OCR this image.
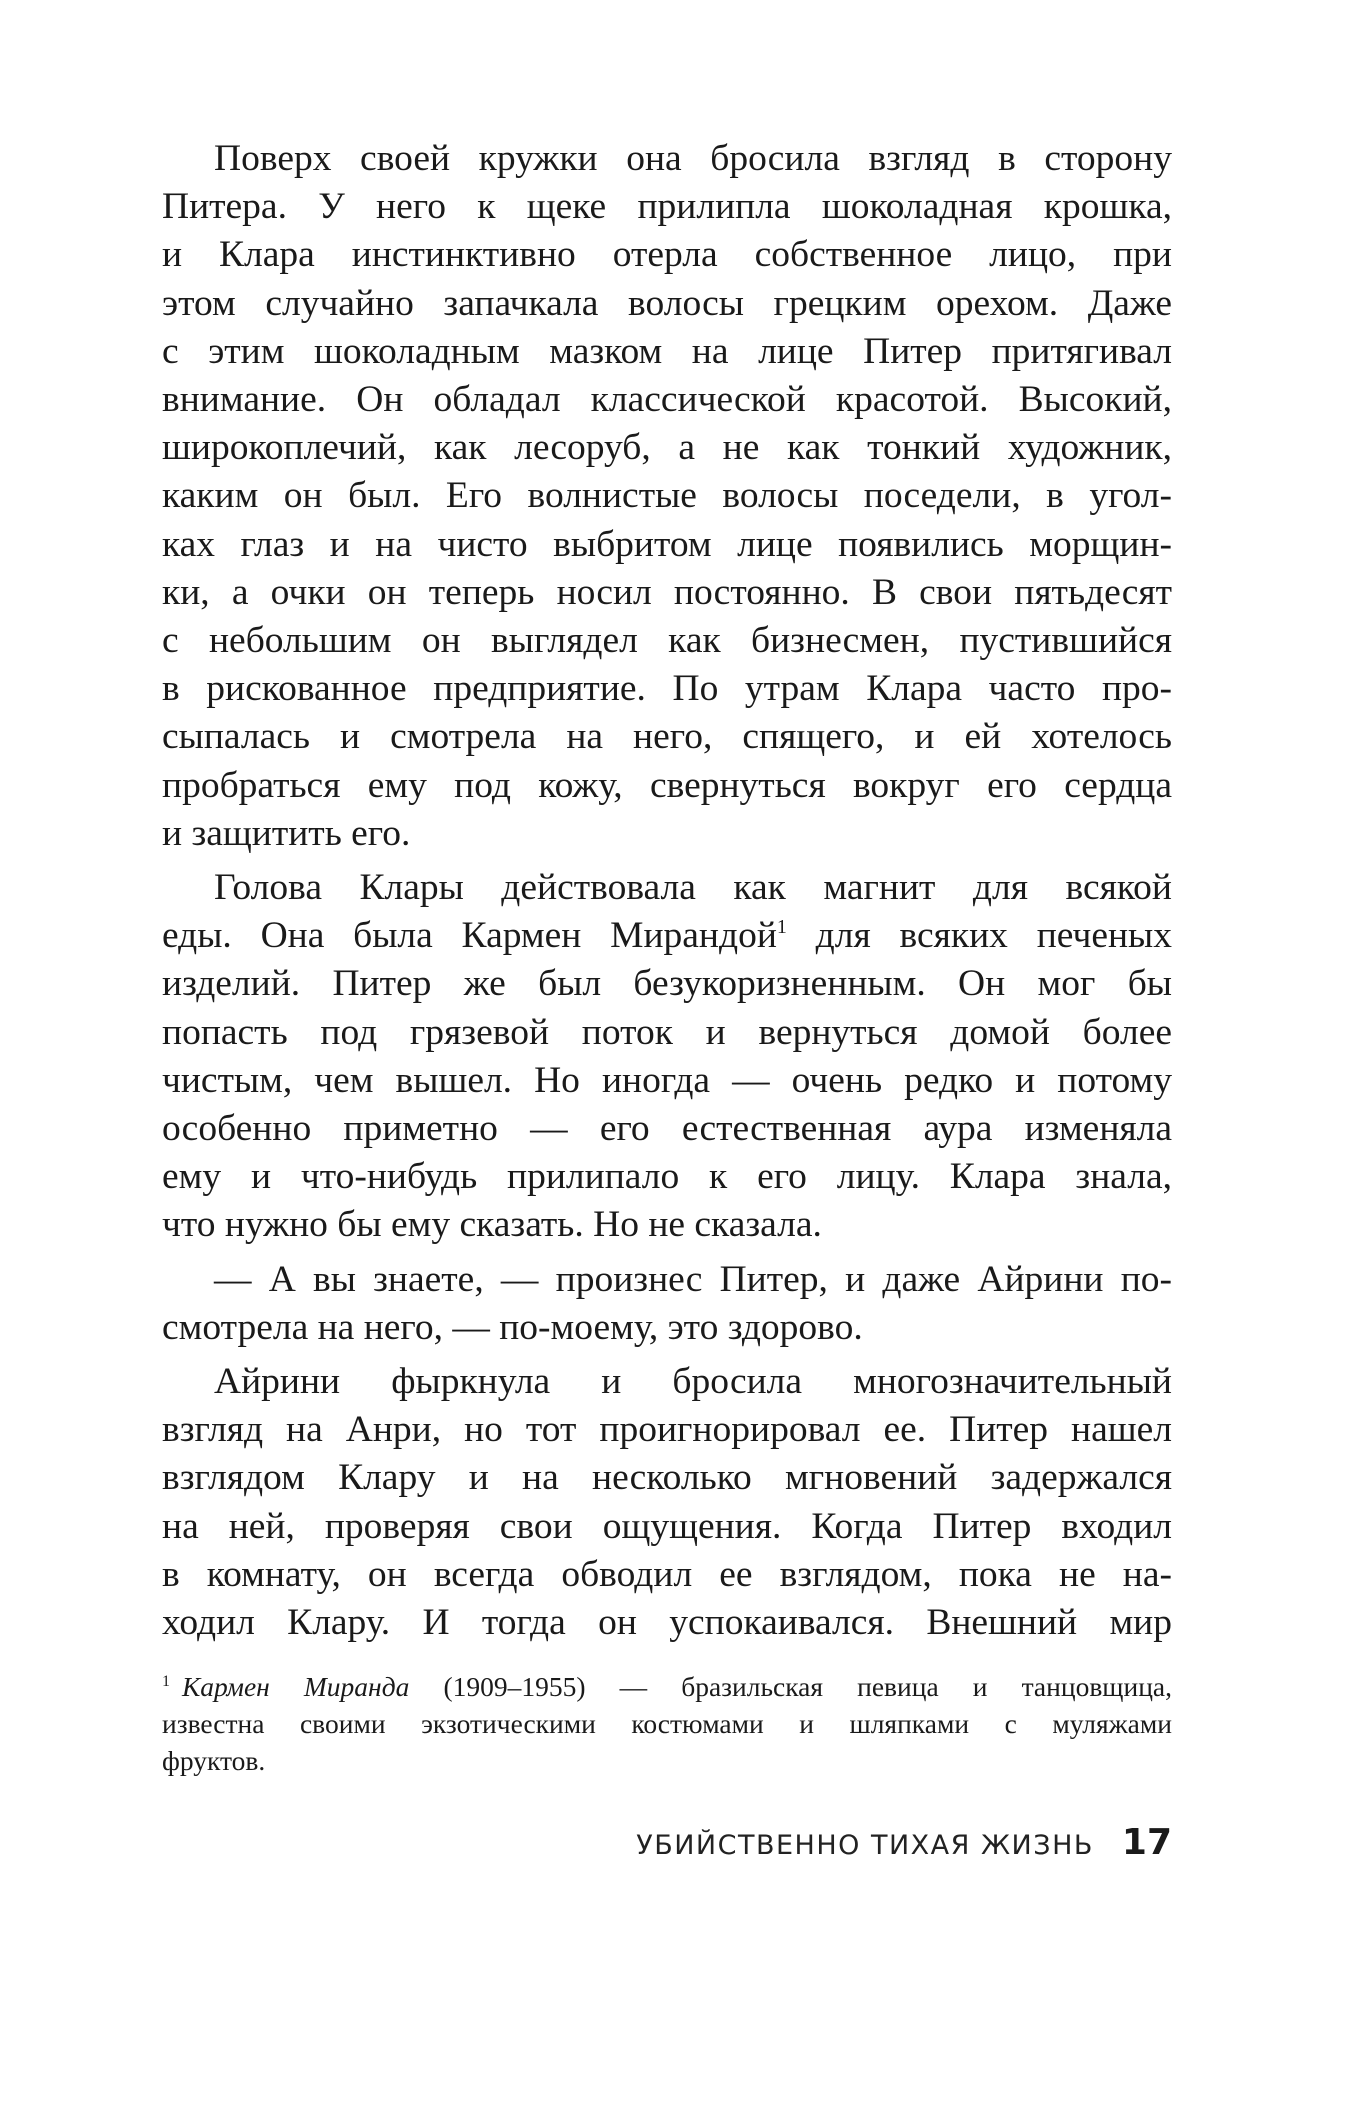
Поверх своей кружки она бросила взгляд в сторону
Питера. У него к щеке прилипла шоколадная крошка,
и Клара инстинктивно отерла собственное лицо, при
этом случайно запачкала волосы грецким орехом. Даже
с этим шоколадным мазком на лице Питер притягивал
внимание. Он обладал классической красотой. Высокий,
широкоплечий, как лесоруб, а не как тонкий художник,
каким он был. Его волнистые волосы поседели, в угол-
ках глаз и на чисто выбритом лице появились морщин-
ки, а очки он теперь носил постоянно. В свои пятьдесят
с небольшим он выглядел как бизнесмен, пустившийся
в рискованное предприятие. По утрам Клара часто про-
сыпалась и смотрела на него, спящего, и ей хотелось
пробраться ему под кожу, свернуться вокруг его сердца
и защитить его.
Голова Клары действовала как магнит для всякой
еды. Она была Кармен Мирандой$^1$ для всяких печеных
изделий. Питер же был безукоризненным. Он мог бы
попасть под грязевой поток и вернуться домой более
чистым, чем вышел. Но иногда — очень редко и потому
особенно приметно — его естественная аура изменяла
ему и что-нибудь прилипало к его лицу. Клара знала,
что нужно бы ему сказать. Но не сказала.
— А вы знаете, — произнес Питер, и даже Айрини по-
смотрела на него, — по-моему, это здорово.
Айрини фыркнула и бросила многозначительный
взгляд на Анри, но тот проигнорировал ее. Питер нашел
взглядом Клару и на несколько мгновений задержался
на ней, проверяя свои ощущения. Когда Питер входил
в комнату, он всегда обводил ее взглядом, пока не на-
ходил Клару. И тогда он успокаивался. Внешний мир
$^1$ Кармен Миранда (1909–1955) — бразильская певица и танцовщица,
известна своими экзотическими костюмами и шляпками с муляжами
фруктов.
УБИЙСТВЕННО ТИХАЯ ЖИЗНЬ 17
